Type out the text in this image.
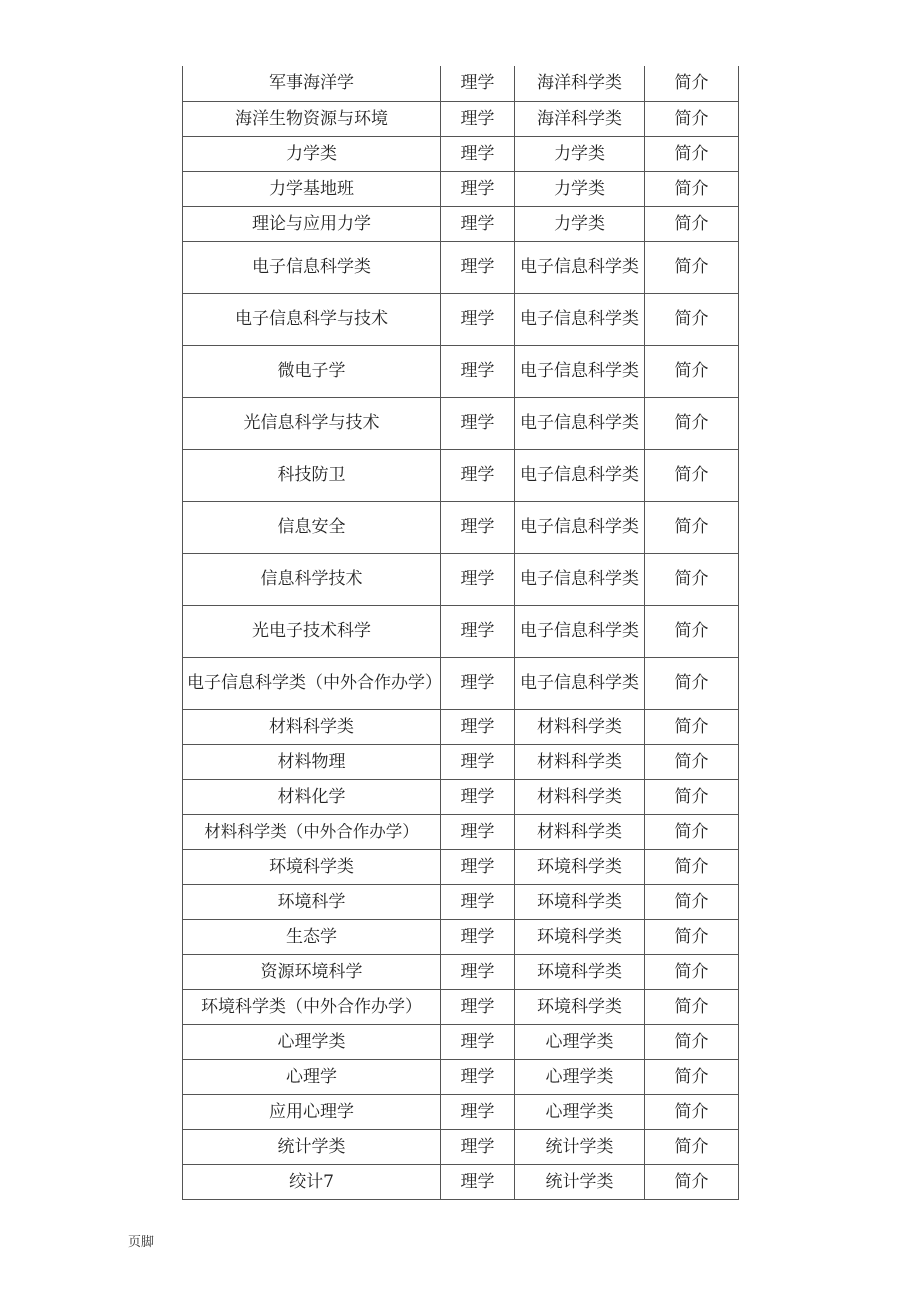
军事海洋学	理学	海洋科学类	简介
海洋生物资源与环境	理学	海洋科学类	简介
力学类	理学	力学类	简介
力学基地班	理学	力学类	简介
理论与应用力学	理学	力学类	简介
电子信息科学类	理学	电子信息科学类	简介
电子信息科学与技术	理学	电子信息科学类	简介
微电子学	理学	电子信息科学类	简介
光信息科学与技术	理学	电子信息科学类	简介
科技防卫	理学	电子信息科学类	简介
信息安全	理学	电子信息科学类	简介
信息科学技术	理学	电子信息科学类	简介
光电子技术科学	理学	电子信息科学类	简介
电子信息科学类（中外合作办学）	理学	电子信息科学类	简介
材料科学类	理学	材料科学类	简介
材料物理	理学	材料科学类	简介
材料化学	理学	材料科学类	简介
材料科学类（中外合作办学）	理学	材料科学类	简介
环境科学类	理学	环境科学类	简介
环境科学	理学	环境科学类	简介
生态学	理学	环境科学类	简介
资源环境科学	理学	环境科学类	简介
环境科学类（中外合作办学）	理学	环境科学类	简介
心理学类	理学	心理学类	简介
心理学	理学	心理学类	简介
应用心理学	理学	心理学类	简介
统计学类	理学	统计学类	简介
绞计7	理学	统计学类	简介
页脚
